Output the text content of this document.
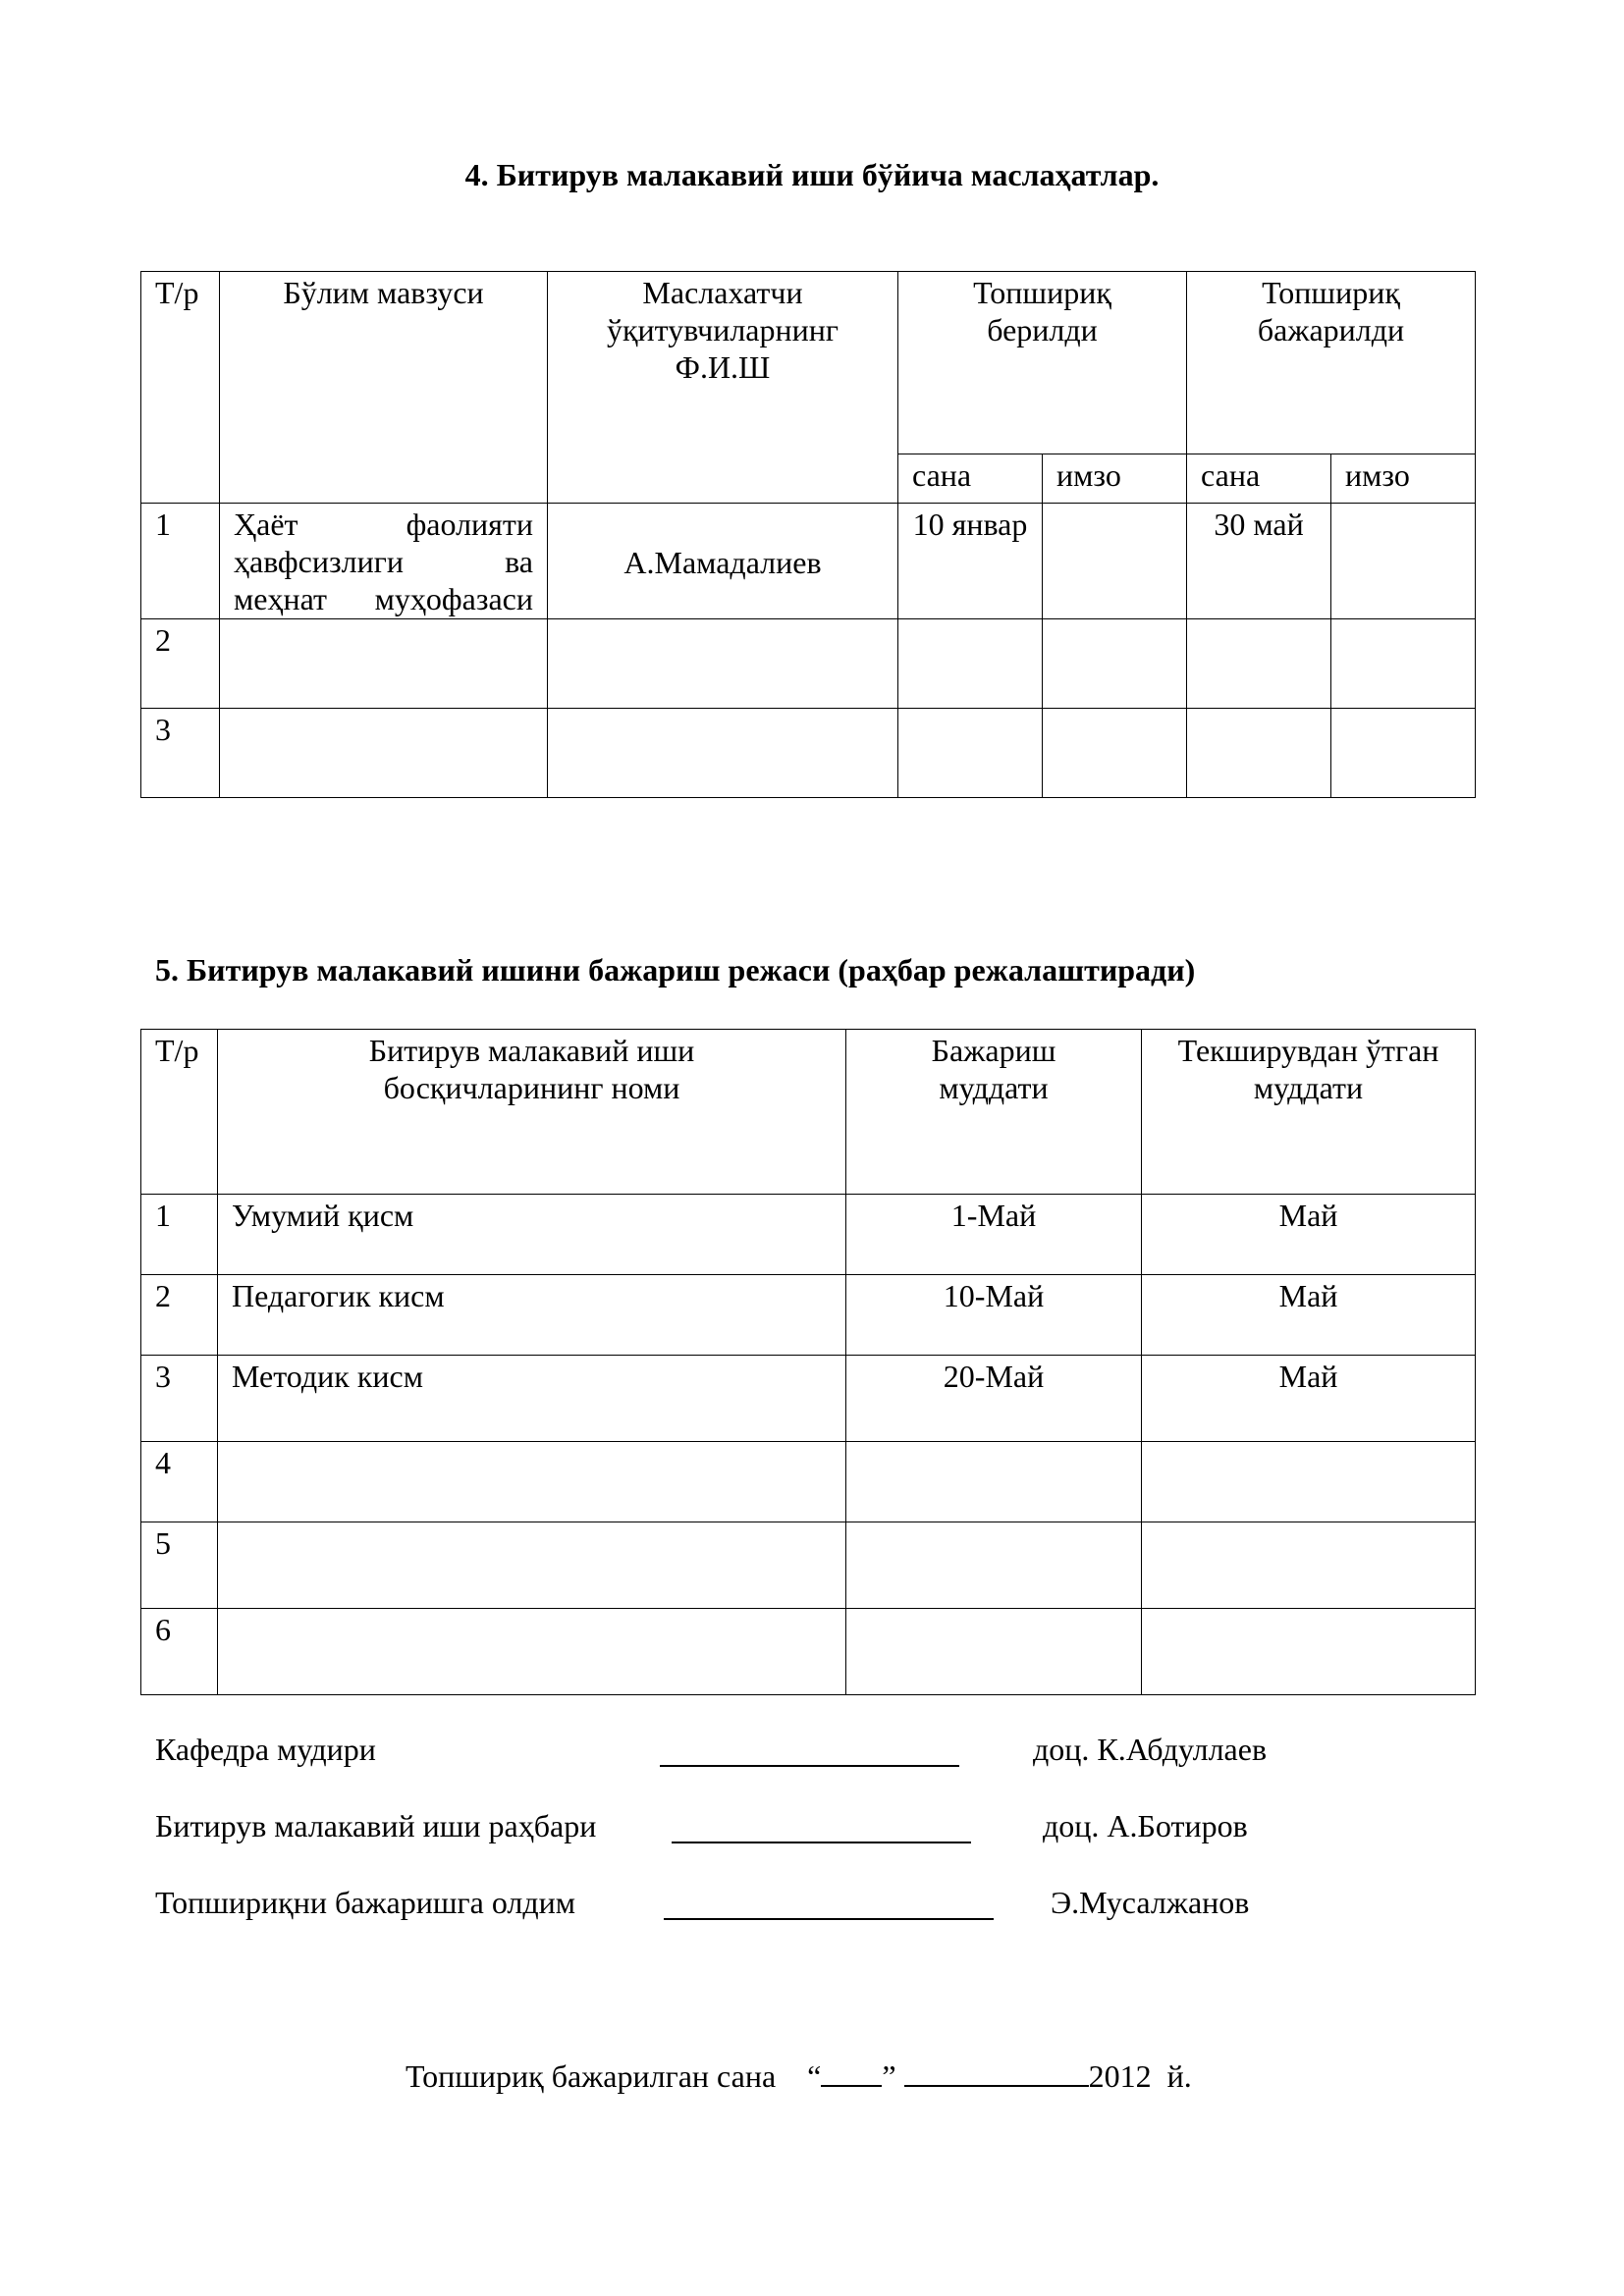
4. Битирув малакавий иши бўйича маслаҳатлар.
Т/р	Бўлим мавзуси	Маслахатчи ўқитувчиларнинг Ф.И.Ш	Топшириқ берилди		Топшириқ бажарилди	
			сана	имзо	сана	имзо
1	Ҳаёт фаолияти ҳавфсизлиги ва меҳнат муҳофазаси	А.Мамадалиев	10 январ		30 май	
2						
3						
5. Битирув малакавий ишини бажариш режаси (раҳбар режалаштиради)
Т/р	Битирув малакавий иши босқичларининг номи	Бажариш муддати	Текширувдан ўтган муддати
1	Умумий қисм	1-Май	Май
2	Педагогик кисм	10-Май	Май
3	Методик кисм	20-Май	Май
4			
5			
6			
Кафедра мудири	доц. К.Абдуллаев
Битирув малакавий иши раҳбари	доц. А.Ботиров
Топшириқни бажаришга олдим	Э.Мусалжанов
Топшириқ бажарилган сана “ ”	2012 й.
